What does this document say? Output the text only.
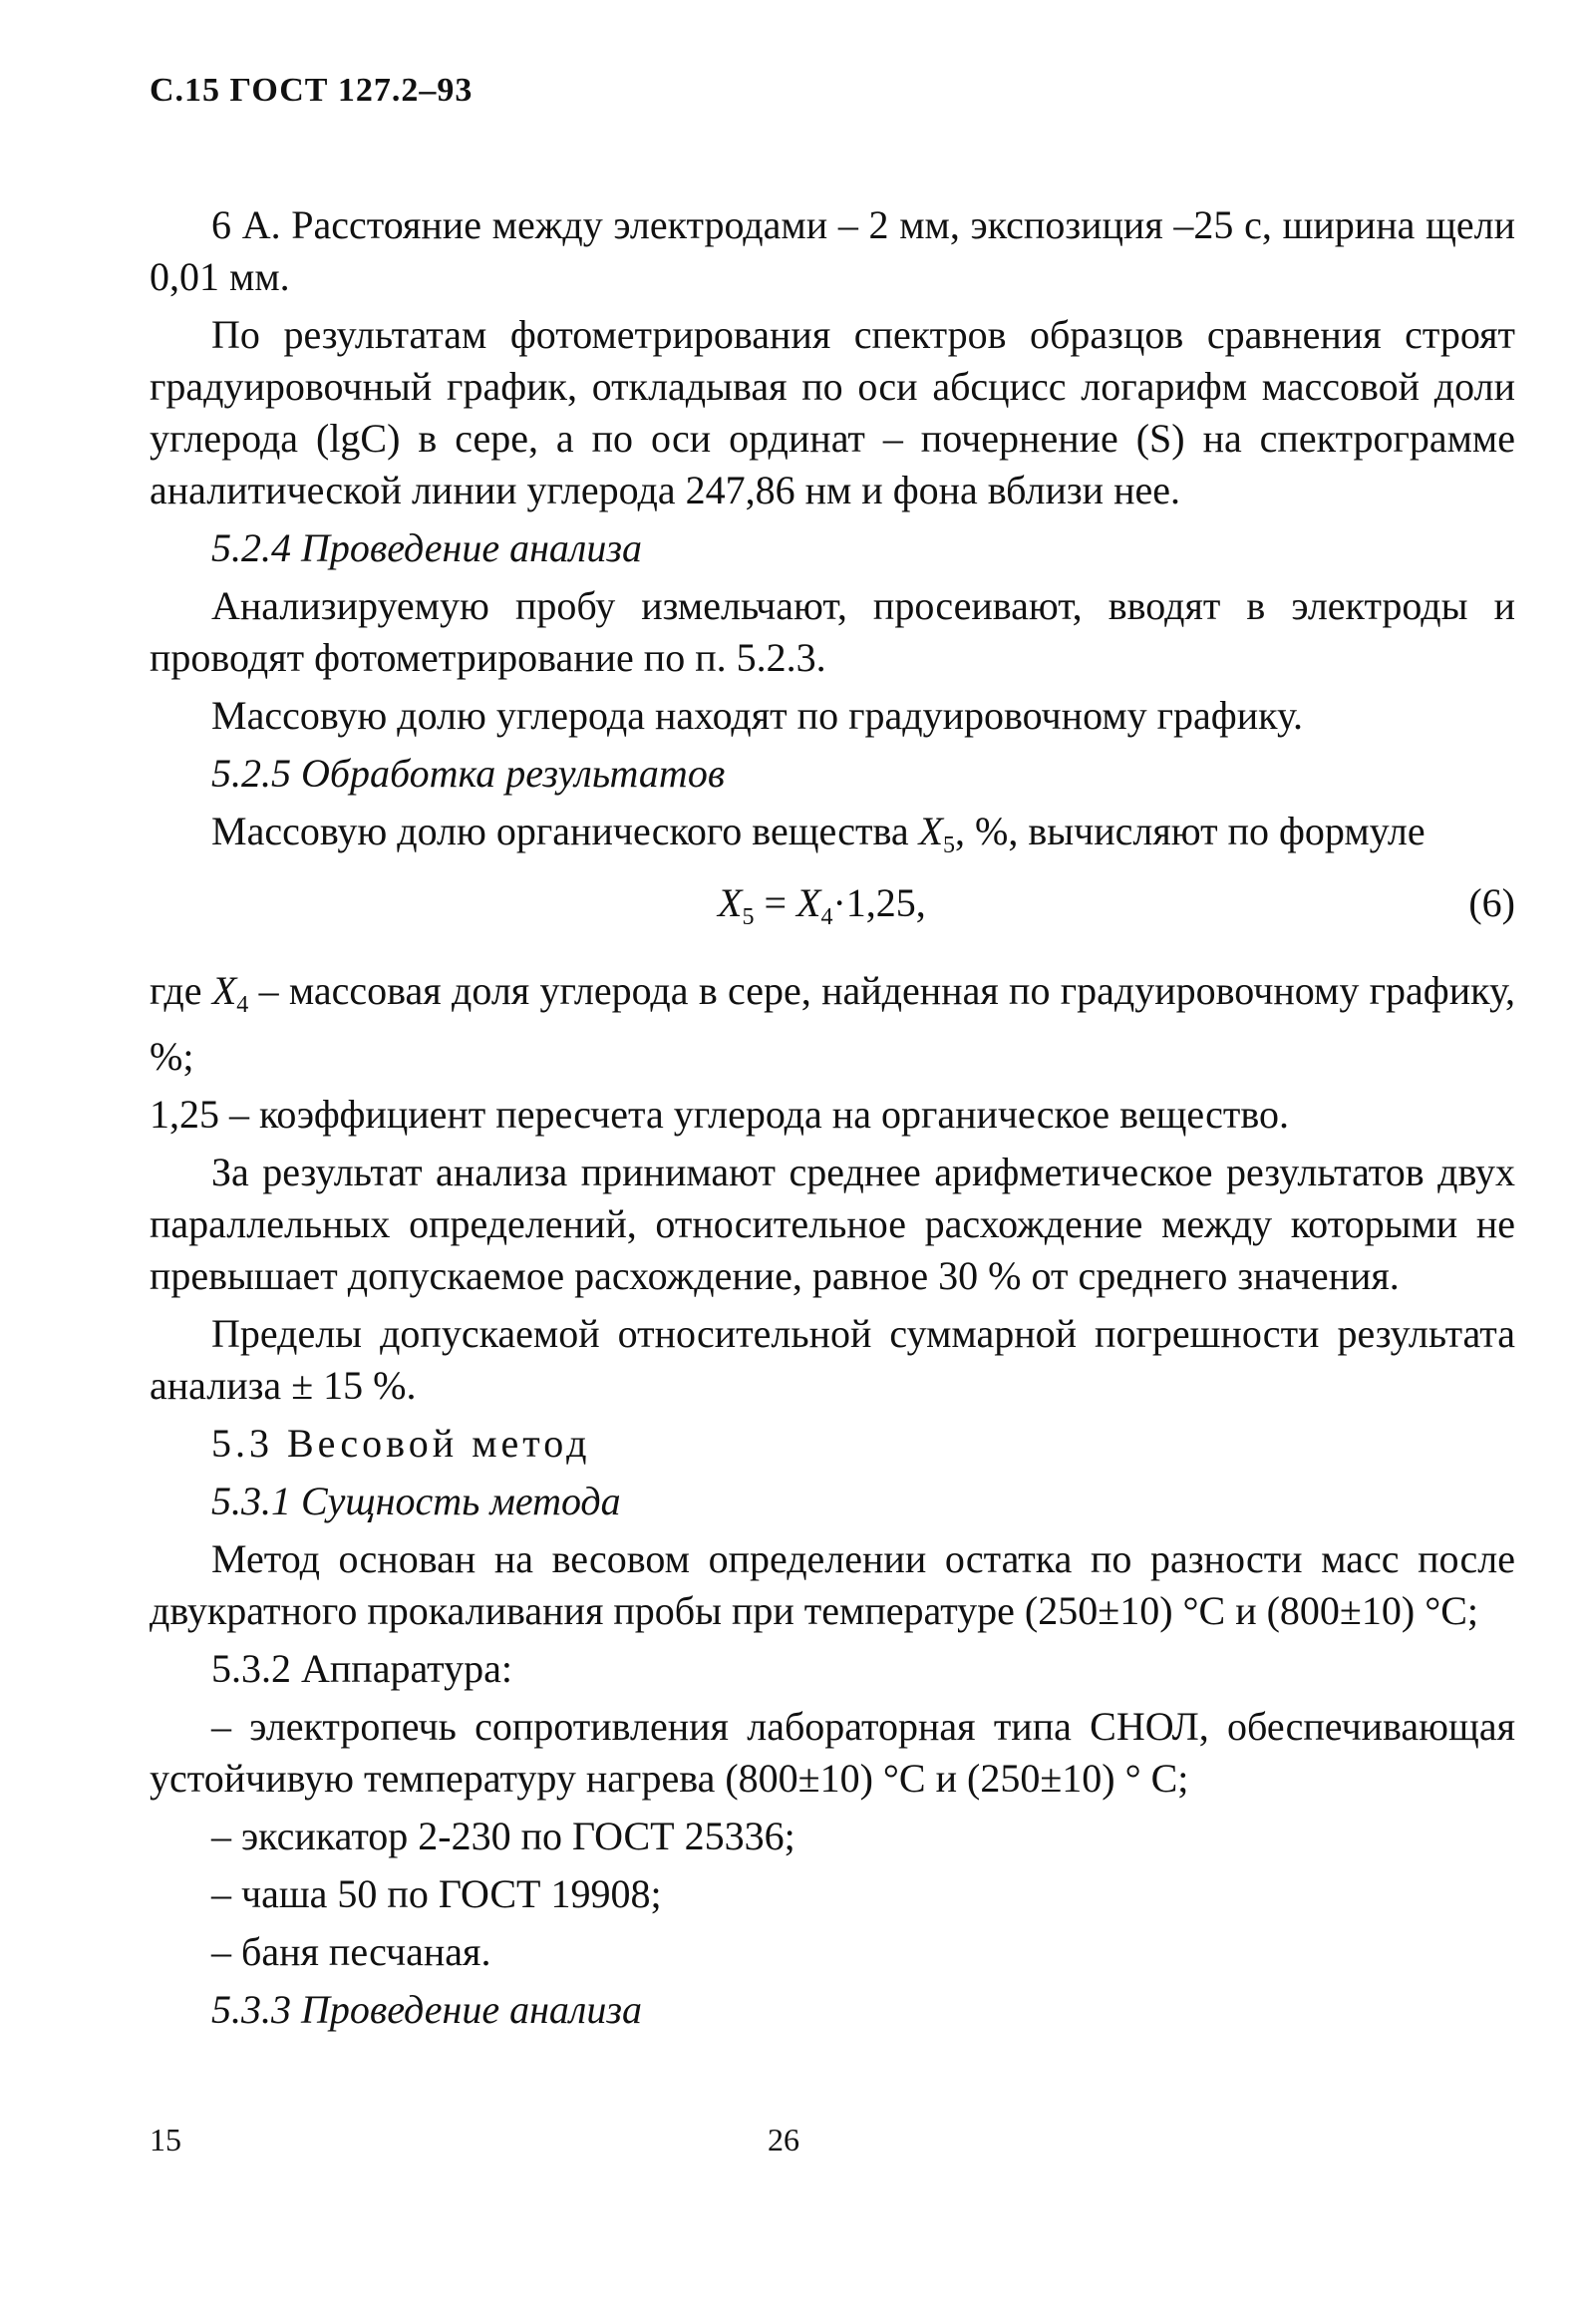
С.15 ГОСТ 127.2–93

6 А. Расстояние между электродами – 2 мм, экспозиция –25 с, ширина щели 0,01 мм.

По результатам фотометрирования спектров образцов сравнения строят градуировочный график, откладывая по оси абсцисс логарифм массовой доли углерода (lgC) в сере, а по оси ординат – почернение (S) на спектрограмме аналитической линии углерода 247,86 нм и фона вблизи нее.

5.2.4 Проведение анализа

Анализируемую пробу измельчают, просеивают, вводят в электроды и проводят фотометрирование по п. 5.2.3.

Массовую долю углерода находят по градуировочному графику.

5.2.5 Обработка результатов

Массовую долю органического вещества $X_5$, %, вычисляют по формуле

$X_5 = X_4\cdot 1,25$,	(6)

где $X_4$ – массовая доля углерода в сере, найденная по градуировочному графику, %;

1,25 – коэффициент пересчета углерода на органическое вещество.

За результат анализа принимают среднее арифметическое результатов двух параллельных определений, относительное расхождение между которыми не превышает допускаемое расхождение, равное 30 % от среднего значения.

Пределы допускаемой относительной суммарной погрешности результата анализа ± 15 %.

5.3 Весовой метод

5.3.1 Сущность метода

Метод основан на весовом определении остатка по разности масс после двукратного прокаливания пробы при температуре (250±10) °С и (800±10) °С;

5.3.2 Аппаратура:

– электропечь сопротивления лабораторная типа СНОЛ, обеспечивающая устойчивую температуру нагрева (800±10) °С и (250±10) ° С;

– эксикатор 2-230 по ГОСТ 25336;

– чаша 50 по ГОСТ 19908;

– баня песчаная.

5.3.3 Проведение анализа

15	26
